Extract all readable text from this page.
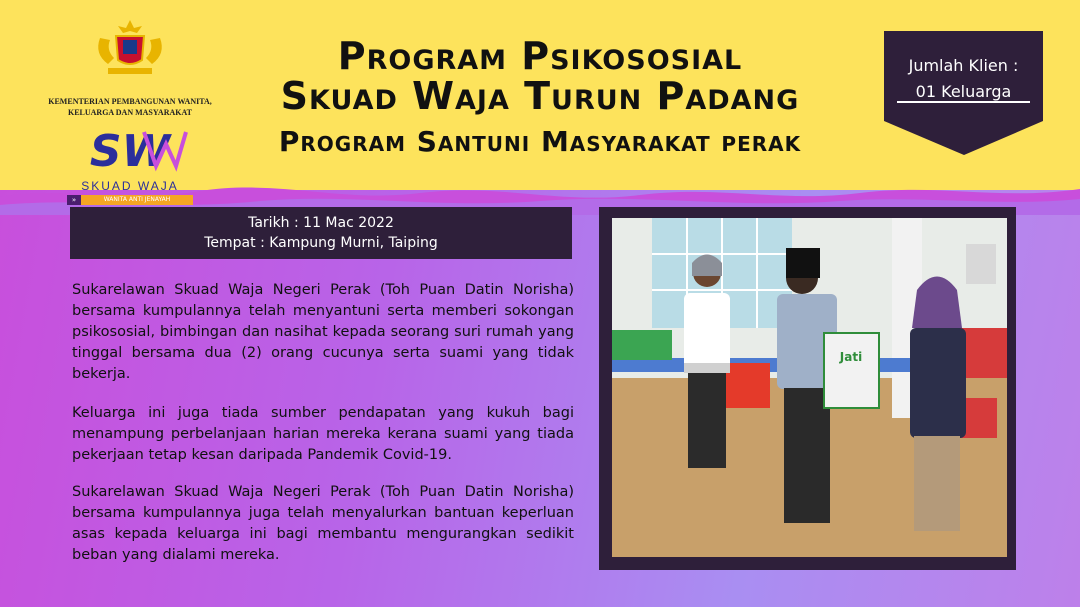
KEMENTERIAN PEMBANGUNAN WANITA,
KELUARGA DAN MASYARAKAT
SW
SKUAD WAJA
»	WANITA ANTI JENAYAH
Program Psikososial
Skuad Waja Turun Padang
Program Santuni Masyarakat perak
Jumlah Klien :
01 Keluarga
Tarikh : 11 Mac 2022
Tempat : Kampung Murni, Taiping
Sukarelawan Skuad Waja Negeri Perak (Toh Puan Datin Norisha) bersama kumpulannya telah menyantuni serta memberi sokongan psikososial, bimbingan dan nasihat kepada seorang suri rumah yang tinggal bersama dua (2) orang cucunya serta suami yang tidak bekerja.
Keluarga ini juga tiada sumber pendapatan yang kukuh bagi menampung perbelanjaan harian mereka kerana suami yang tiada pekerjaan tetap kesan daripada Pandemik Covid-19.
Sukarelawan Skuad Waja Negeri Perak (Toh Puan Datin Norisha) bersama kumpulannya juga telah menyalurkan bantuan keperluan asas kepada keluarga ini bagi membantu mengurangkan sedikit beban yang dialami mereka.
Jati
